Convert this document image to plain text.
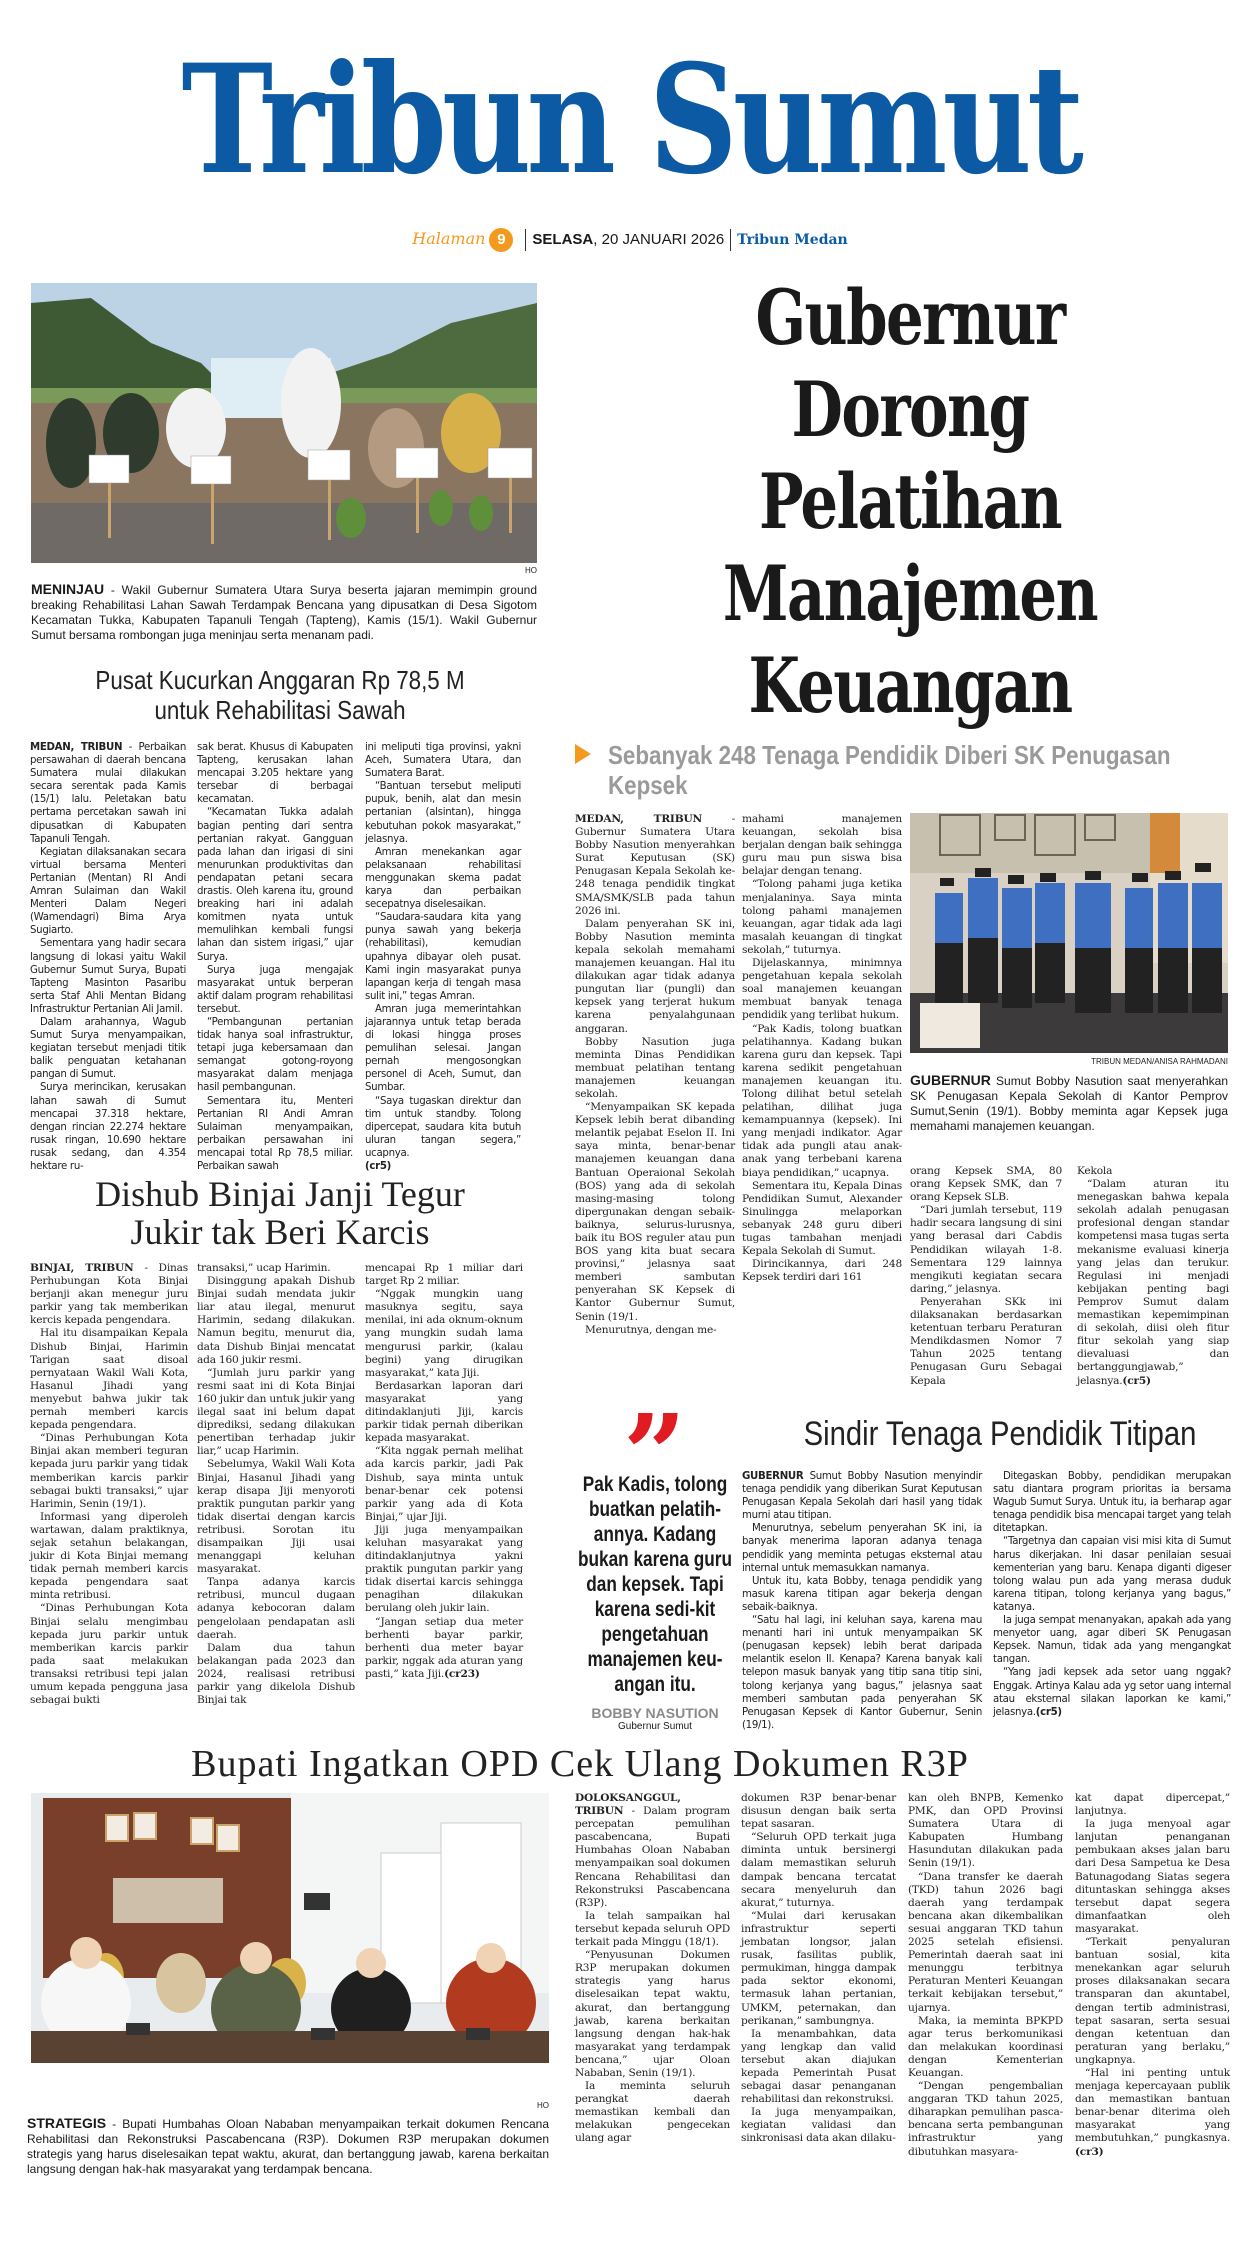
Tribun Sumut
Halaman 9 SELASA, 20 JANUARI 2026 Tribun Medan
HO
MENINJAU - Wakil Gubernur Sumatera Utara Surya beserta jajaran memimpin ground breaking Rehabilitasi Lahan Sawah Terdampak Bencana yang dipusatkan di Desa Sigotom Kecamatan Tukka, Kabupaten Tapanuli Tengah (Tapteng), Kamis (15/1). Wakil Gubernur Sumut bersama rombongan juga meninjau serta menanam padi.
Pusat Kucurkan Anggaran Rp 78,5 M
untuk Rehabilitasi Sawah

MEDAN, TRIBUN - Perbaikan persawahan di daerah bencana Sumatera mulai dilakukan secara serentak pada Kamis (15/1) lalu. Peletakan batu pertama percetakan sawah ini dipusatkan di Kabupaten Tapanuli Tengah.

Kegiatan dilaksanakan secara virtual bersama Menteri Pertanian (Mentan) RI Andi Amran Sulaiman dan Wakil Menteri Dalam Negeri (Wamendagri) Bima Arya Sugiarto.

Sementara yang hadir secara langsung di lokasi yaitu Wakil Gubernur Sumut Surya, Bupati Tapteng Masinton Pasaribu serta Staf Ahli Mentan Bidang Infrastruktur Pertanian Ali Jamil.

Dalam arahannya, Wagub Sumut Surya menyampaikan, kegiatan tersebut menjadi titik balik penguatan ketahanan pangan di Sumut.

Surya merincikan, kerusakan lahan sawah di Sumut mencapai 37.318 hektare, dengan rincian 22.274 hektare rusak ringan, 10.690 hektare rusak sedang, dan 4.354 hektare ru-

sak berat. Khusus di Kabupaten Tapteng, kerusakan lahan mencapai 3.205 hektare yang tersebar di berbagai kecamatan.

“Kecamatan Tukka adalah bagian penting dari sentra pertanian rakyat. Gangguan pada lahan dan irigasi di sini menurunkan produktivitas dan pendapatan petani secara drastis. Oleh karena itu, ground breaking hari ini adalah komitmen nyata untuk memulihkan kembali fungsi lahan dan sistem irigasi,” ujar Surya.

Surya juga mengajak masyarakat untuk berperan aktif dalam program rehabilitasi tersebut.

“Pembangunan pertanian tidak hanya soal infrastruktur, tetapi juga kebersamaan dan semangat gotong-royong masyarakat dalam menjaga hasil pembangunan.

Sementara itu, Menteri Pertanian RI Andi Amran Sulaiman menyampaikan, perbaikan persawahan ini mencapai total Rp 78,5 miliar. Perbaikan sawah

ini meliputi tiga provinsi, yakni Aceh, Sumatera Utara, dan Sumatera Barat.

“Bantuan tersebut meliputi pupuk, benih, alat dan mesin pertanian (alsintan), hingga kebutuhan pokok masyarakat,” jelasnya.

Amran menekankan agar pelaksanaan rehabilitasi menggunakan skema padat karya dan perbaikan secepatnya diselesaikan.

“Saudara-saudara kita yang punya sawah yang bekerja (rehabilitasi), kemudian upahnya dibayar oleh pusat. Kami ingin masyarakat punya lapangan kerja di tengah masa sulit ini,” tegas Amran.

Amran juga memerintahkan jajarannya untuk tetap berada di lokasi hingga proses pemulihan selesai. Jangan pernah mengosongkan personel di Aceh, Sumut, dan Sumbar.

“Saya tugaskan direktur dan tim untuk standby. Tolong dipercepat, saudara kita butuh uluran tangan segera,” ucapnya.

(cr5)

Gubernur Dorong
Pelatihan
Manajemen
Keuangan
Sebanyak 248 Tenaga Pendidik Diberi SK Penugasan Kepsek

MEDAN, TRIBUN - Gubernur Sumatera Utara Bobby Nasution menyerahkan Surat Keputusan (SK) Penugasan Kepala Sekolah ke-248 tenaga pendidik tingkat SMA/SMK/SLB pada tahun 2026 ini.

Dalam penyerahan SK ini, Bobby Nasution meminta kepala sekolah memahami manajemen keuangan. Hal itu dilakukan agar tidak adanya pungutan liar (pungli) dan kepsek yang terjerat hukum karena penyalahgunaan anggaran.

Bobby Nasution juga meminta Dinas Pendidikan membuat pelatihan tentang manajemen keuangan sekolah.

“Menyampaikan SK kepada Kepsek lebih berat dibanding melantik pejabat Eselon II. Ini saya minta, benar-benar manajemen keuangan dana Bantuan Operaional Sekolah (BOS) yang ada di sekolah masing-masing tolong dipergunakan dengan sebaik-baiknya, selurus-lurusnya, baik itu BOS reguler atau pun BOS yang kita buat secara provinsi,” jelasnya saat memberi sambutan penyerahan SK Kepsek di Kantor Gubernur Sumut, Senin (19/1.

Menurutnya, dengan me-

mahami manajemen keuangan, sekolah bisa berjalan dengan baik sehingga guru mau pun siswa bisa belajar dengan tenang.

“Tolong pahami juga ketika menjalaninya. Saya minta tolong pahami manajemen keuangan, agar tidak ada lagi masalah keuangan di tingkat sekolah,” tuturnya.

Dijelaskannya, minimnya pengetahuan kepala sekolah soal manajemen keuangan membuat banyak tenaga pendidik yang terlibat hukum.

“Pak Kadis, tolong buatkan pelatihannya. Kadang bukan karena guru dan kepsek. Tapi karena sedikit pengetahuan manajemen keuangan itu. Tolong dilihat betul setelah pelatihan, dilihat juga kemampuannya (kepsek). Ini yang menjadi indikator. Agar tidak ada pungli atau anak-anak yang terbebani karena biaya pendidikan,” ucapnya.

Sementara itu, Kepala Dinas Pendidikan Sumut, Alexander Sinulingga melaporkan sebanyak 248 guru diberi tugas tambahan menjadi Kepala Sekolah di Sumut.

Dirincikannya, dari 248 Kepsek terdiri dari 161

TRIBUN MEDAN/ANISA RAHMADANI
GUBERNUR Sumut Bobby Nasution saat menyerahkan SK Penugasan Kepala Sekolah di Kantor Pemprov Sumut,Senin (19/1). Bobby meminta agar Kepsek juga memahami manajemen keuangan.

orang Kepsek SMA, 80 orang Kepsek SMK, dan 7 orang Kepsek SLB.

“Dari jumlah tersebut, 119 hadir secara langsung di sini yang berasal dari Cabdis Pendidikan wilayah 1-8. Sementara 129 lainnya mengikuti kegiatan secara daring,” jelasnya.

Penyerahan SKk ini dilaksanakan berdasarkan ketentuan terbaru Peraturan Mendikdasmen Nomor 7 Tahun 2025 tentang Penugasan Guru Sebagai Kepala

Kekola

“Dalam aturan itu menegaskan bahwa kepala sekolah adalah penugasan profesional dengan standar kompetensi masa tugas serta mekanisme evaluasi kinerja yang jelas dan terukur. Regulasi ini menjadi kebijakan penting bagi Pemprov Sumut dalam memastikan kepemimpinan di sekolah, diisi oleh fitur fitur sekolah yang siap dievaluasi dan bertanggungjawab,” jelasnya.(cr5)

Dishub Binjai Janji Tegur
Jukir tak Beri Karcis

BINJAI, TRIBUN - Dinas Perhubungan Kota Binjai berjanji akan menegur juru parkir yang tak memberikan kercis kepada pengendara.

Hal itu disampaikan Kepala Dishub Binjai, Harimin Tarigan saat disoal pernyataan Wakil Wali Kota, Hasanul Jihadi yang menyebut bahwa jukir tak pernah memberi karcis kepada pengendara.

“Dinas Perhubungan Kota Binjai akan memberi teguran kepada juru parkir yang tidak memberikan karcis parkir sebagai bukti transaksi,” ujar Harimin, Senin (19/1).

Informasi yang diperoleh wartawan, dalam praktiknya, sejak setahun belakangan, jukir di Kota Binjai memang tidak pernah memberi karcis kepada pengendara saat minta retribusi.

“Dinas Perhubungan Kota Binjai selalu mengimbau kepada juru parkir untuk memberikan karcis parkir pada saat melakukan transaksi retribusi tepi jalan umum kepada pengguna jasa sebagai bukti

transaksi,” ucap Harimin.

Disinggung apakah Dishub Binjai sudah mendata jukir liar atau ilegal, menurut Harimin, sedang dilakukan. Namun begitu, menurut dia, data Dishub Binjai mencatat ada 160 jukir resmi.

“Jumlah juru parkir yang resmi saat ini di Kota Binjai 160 jukir dan untuk jukir yang ilegal saat ini belum dapat diprediksi, sedang dilakukan penertiban terhadap jukir liar,” ucap Harimin.

Sebelumya, Wakil Wali Kota Binjai, Hasanul Jihadi yang kerap disapa Jiji menyoroti praktik pungutan parkir yang tidak disertai dengan karcis retribusi. Sorotan itu disampaikan Jiji usai menanggapi keluhan masyarakat.

Tanpa adanya karcis retribusi, muncul dugaan adanya kebocoran dalam pengelolaan pendapatan asli daerah.

Dalam dua tahun belakangan pada 2023 dan 2024, realisasi retribusi parkir yang dikelola Dishub Binjai tak

mencapai Rp 1 miliar dari target Rp 2 miliar.

“Nggak mungkin uang masuknya segitu, saya menilai, ini ada oknum-oknum yang mungkin sudah lama mengurusi parkir, (kalau begini) yang dirugikan masyarakat,” kata Jiji.

Berdasarkan laporan dari masyarakat yang ditindaklanjuti Jiji, karcis parkir tidak pernah diberikan kepada masyarakat.

“Kita nggak pernah melihat ada karcis parkir, jadi Pak Dishub, saya minta untuk benar-benar cek potensi parkir yang ada di Kota Binjai,” ujar Jiji.

Jiji juga menyampaikan keluhan masyarakat yang ditindaklanjutnya yakni praktik pungutan parkir yang tidak disertai karcis sehingga penagihan dilakukan berulang oleh jukir lain.

“Jangan setiap dua meter berhenti bayar parkir, berhenti dua meter bayar parkir, nggak ada aturan yang pasti,” kata Jiji.(cr23)

Pak Kadis, tolong buatkan pelatih-annya. Kadang bukan karena guru dan kepsek. Tapi karena sedi-kit pengetahuan manajemen keu-angan itu.
BOBBY NASUTION
Gubernur Sumut
Sindir Tenaga Pendidik Titipan

GUBERNUR Sumut Bobby Nasution menyindir tenaga pendidik yang diberikan Surat Keputusan Penugasan Kepala Sekolah dari hasil yang tidak murni atau titipan.

Menurutnya, sebelum penyerahan SK ini, ia banyak menerima laporan adanya tenaga pendidik yang meminta petugas eksternal atau internal untuk memasukkan namanya.

Untuk itu, kata Bobby, tenaga pendidik yang masuk karena titipan agar bekerja dengan sebaik-baiknya.

“Satu hal lagi, ini keluhan saya, karena mau menanti hari ini untuk menyampaikan SK (penugasan kepsek) lebih berat daripada melantik eselon II. Kenapa? Karena banyak kali telepon masuk banyak yang titip sana titip sini, tolong kerjanya yang bagus,” jelasnya saat memberi sambutan pada penyerahan SK Penugasan Kepsek di Kantor Gubernur, Senin (19/1).

Ditegaskan Bobby, pendidikan merupakan satu diantara program prioritas ia bersama Wagub Sumut Surya. Untuk itu, ia berharap agar tenaga pendidik bisa mencapai target yang telah ditetapkan.

“Targetnya dan capaian visi misi kita di Sumut harus dikerjakan. Ini dasar penilaian sesuai kementerian yang baru. Kenapa diganti digeser tolong walau pun ada yang merasa duduk karena titipan, tolong kerjanya yang bagus,” katanya.

Ia juga sempat menanyakan, apakah ada yang menyetor uang, agar diberi SK Penugasan Kepsek. Namun, tidak ada yang mengangkat tangan.

“Yang jadi kepsek ada setor uang nggak? Enggak. Artinya Kalau ada yg setor uang internal atau eksternal silakan laporkan ke kami,” jelasnya.(cr5)

Bupati Ingatkan OPD Cek Ulang Dokumen R3P
HO
STRATEGIS - Bupati Humbahas Oloan Nababan menyampaikan terkait dokumen Rencana Rehabilitasi dan Rekonstruksi Pascabencana (R3P). Dokumen R3P merupakan dokumen strategis yang harus diselesaikan tepat waktu, akurat, dan bertanggung jawab, karena berkaitan langsung dengan hak-hak masyarakat yang terdampak bencana.

DOLOKSANGGUL, TRIBUN - Dalam program percepatan pemulihan pascabencana, Bupati Humbahas Oloan Nababan menyampaikan soal dokumen Rencana Rehabilitasi dan Rekonstruksi Pascabencana (R3P).

Ia telah sampaikan hal tersebut kepada seluruh OPD terkait pada Minggu (18/1).

“Penyusunan Dokumen R3P merupakan dokumen strategis yang harus diselesaikan tepat waktu, akurat, dan bertanggung jawab, karena berkaitan langsung dengan hak-hak masyarakat yang terdampak bencana,” ujar Oloan Nababan, Senin (19/1).

Ia meminta seluruh perangkat daerah memastikan kembali dan melakukan pengecekan ulang agar

dokumen R3P benar-benar disusun dengan baik serta tepat sasaran.

“Seluruh OPD terkait juga diminta untuk bersinergi dalam memastikan seluruh dampak bencana tercatat secara menyeluruh dan akurat,” tuturnya.

“Mulai dari kerusakan infrastruktur seperti jembatan longsor, jalan rusak, fasilitas publik, permukiman, hingga dampak pada sektor ekonomi, termasuk lahan pertanian, UMKM, peternakan, dan perikanan,” sambungnya.

Ia menambahkan, data yang lengkap dan valid tersebut akan diajukan kepada Pemerintah Pusat sebagai dasar penanganan rehabilitasi dan rekonstruksi.

Ia juga menyampaikan, kegiatan validasi dan sinkronisasi data akan dilaku-

kan oleh BNPB, Kemenko PMK, dan OPD Provinsi Sumatera Utara di Kabupaten Humbang Hasundutan dilakukan pada Senin (19/1).

“Dana transfer ke daerah (TKD) tahun 2026 bagi daerah yang terdampak bencana akan dikembalikan sesuai anggaran TKD tahun 2025 setelah efisiensi. Pemerintah daerah saat ini menunggu terbitnya Peraturan Menteri Keuangan terkait kebijakan tersebut,” ujarnya.

Maka, ia meminta BPKPD agar terus berkomunikasi dan melakukan koordinasi dengan Kementerian Keuangan.

“Dengan pengembalian anggaran TKD tahun 2025, diharapkan pemulihan pasca-bencana serta pembangunan infrastruktur yang dibutuhkan masyara-

kat dapat dipercepat,” lanjutnya.

Ia juga menyoal agar lanjutan penanganan pembukaan akses jalan baru dari Desa Sampetua ke Desa Batunagodang Siatas segera dituntaskan sehingga akses tersebut dapat segera dimanfaatkan oleh masyarakat.

“Terkait penyaluran bantuan sosial, kita menekankan agar seluruh proses dilaksanakan secara transparan dan akuntabel, dengan tertib administrasi, tepat sasaran, serta sesuai dengan ketentuan dan peraturan yang berlaku,” ungkapnya.

“Hal ini penting untuk menjaga kepercayaan publik dan memastikan bantuan benar-benar diterima oleh masyarakat yang membutuhkan,” pungkasnya.(cr3)
